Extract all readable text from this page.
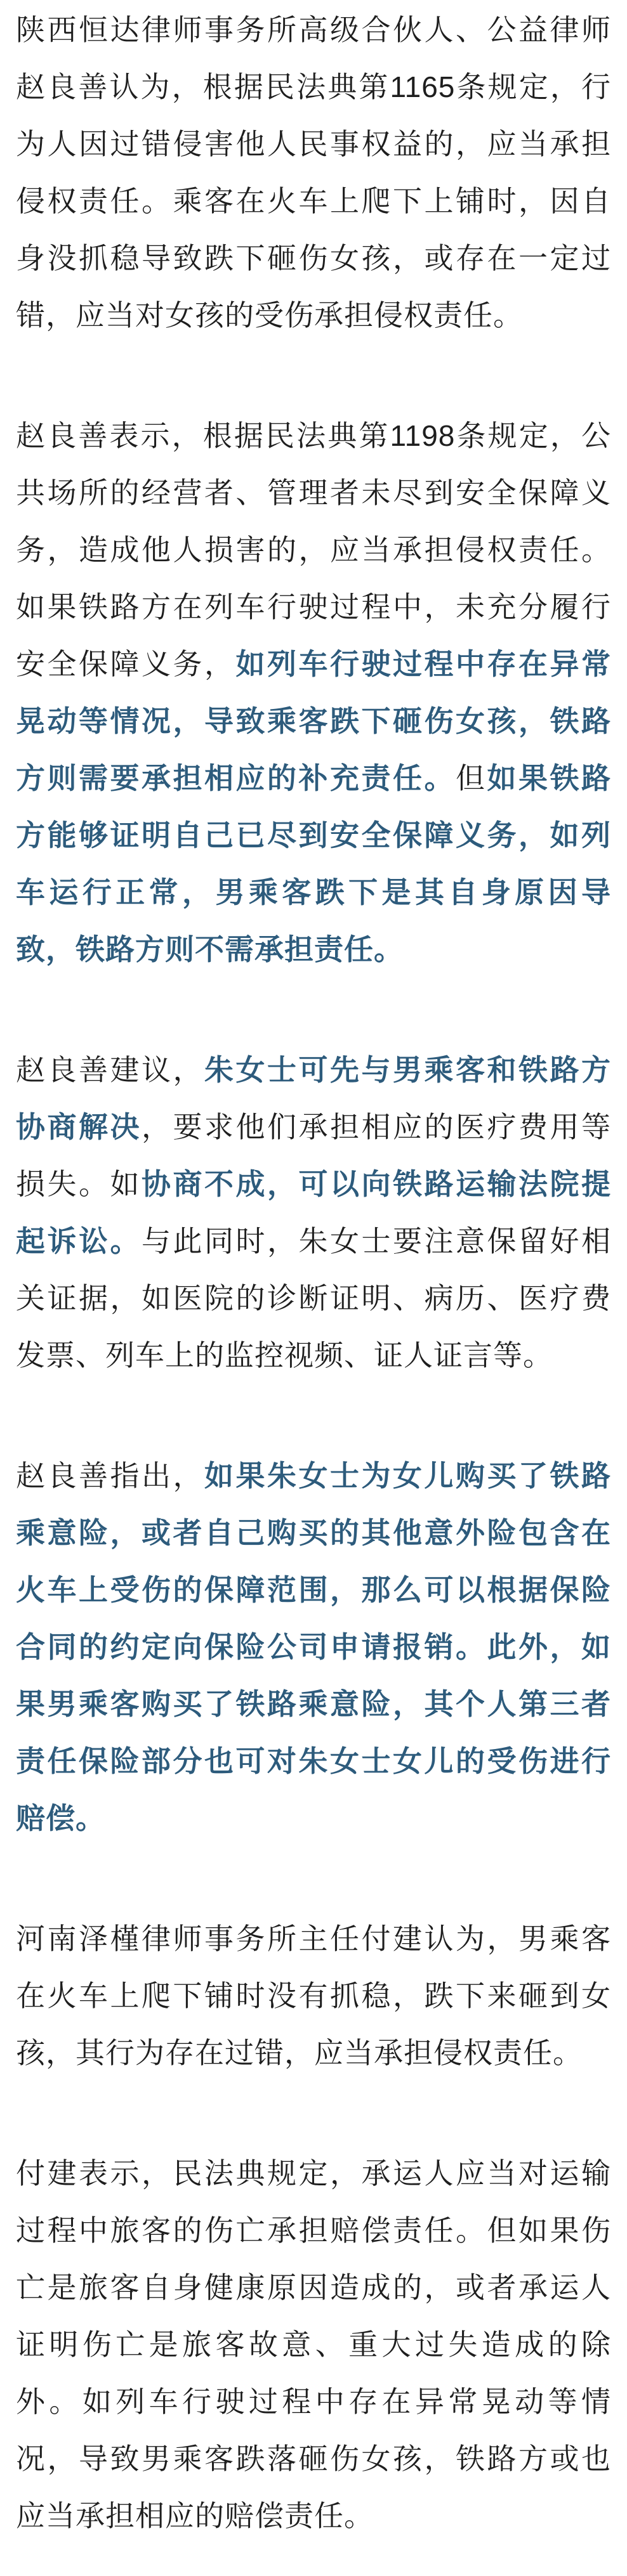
陕西恒达律师事务所高级合伙人、公益律师赵良善认为，根据民法典第1165条规定，行为人因过错侵害他人民事权益的，应当承担侵权责任。乘客在火车上爬下上铺时，因自身没抓稳导致跌下砸伤女孩，或存在一定过错，应当对女孩的受伤承担侵权责任。

赵良善表示，根据民法典第1198条规定，公共场所的经营者、管理者未尽到安全保障义务，造成他人损害的，应当承担侵权责任。如果铁路方在列车行驶过程中，未充分履行安全保障义务，如列车行驶过程中存在异常晃动等情况，导致乘客跌下砸伤女孩，铁路方则需要承担相应的补充责任。但如果铁路方能够证明自己已尽到安全保障义务，如列车运行正常，男乘客跌下是其自身原因导致，铁路方则不需承担责任。

赵良善建议，朱女士可先与男乘客和铁路方协商解决，要求他们承担相应的医疗费用等损失。如协商不成，可以向铁路运输法院提起诉讼。与此同时，朱女士要注意保留好相关证据，如医院的诊断证明、病历、医疗费发票、列车上的监控视频、证人证言等。

赵良善指出，如果朱女士为女儿购买了铁路乘意险，或者自己购买的其他意外险包含在火车上受伤的保障范围，那么可以根据保险合同的约定向保险公司申请报销。此外，如果男乘客购买了铁路乘意险，其个人第三者责任保险部分也可对朱女士女儿的受伤进行赔偿。

河南泽槿律师事务所主任付建认为，男乘客在火车上爬下铺时没有抓稳，跌下来砸到女孩，其行为存在过错，应当承担侵权责任。

付建表示，民法典规定，承运人应当对运输过程中旅客的伤亡承担赔偿责任。但如果伤亡是旅客自身健康原因造成的，或者承运人证明伤亡是旅客故意、重大过失造成的除外。如列车行驶过程中存在异常晃动等情况，导致男乘客跌落砸伤女孩，铁路方或也应当承担相应的赔偿责任。
